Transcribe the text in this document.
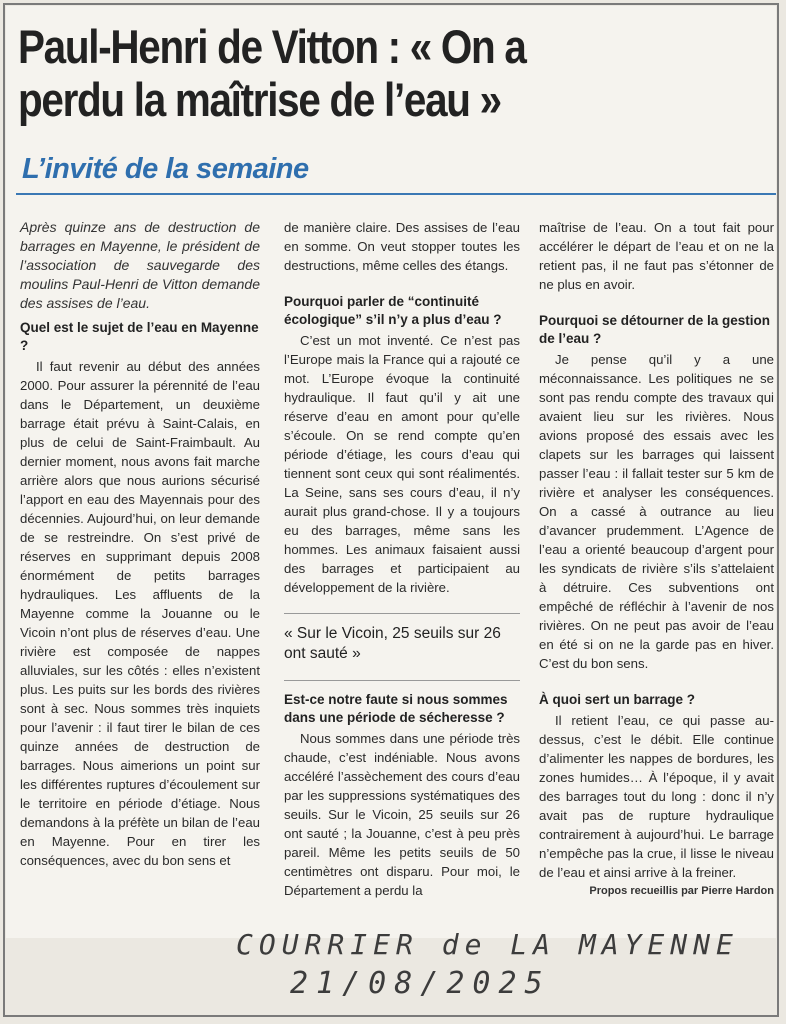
Paul-Henri de Vitton : « On a
perdu la maîtrise de l’eau »
L’invité de la semaine

Après quinze ans de destruction de barrages en Mayenne, le président de l’association de sauvegarde des moulins Paul-Henri de Vitton demande des assises de l’eau.

Quel est le sujet de l’eau en Mayenne ?

Il faut revenir au début des années 2000. Pour assurer la pérennité de l’eau dans le Département, un deuxième barrage était prévu à Saint-Calais, en plus de celui de Saint-Fraimbault. Au dernier moment, nous avons fait marche arrière alors que nous aurions sécurisé l’apport en eau des Mayennais pour des décennies. Aujourd’hui, on leur demande de se restreindre. On s’est privé de réserves en supprimant depuis 2008 énormément de petits barrages hydrauliques. Les affluents de la Mayenne comme la Jouanne ou le Vicoin n’ont plus de réserves d’eau. Une rivière est composée de nappes alluviales, sur les côtés : elles n’existent plus. Les puits sur les bords des rivières sont à sec. Nous sommes très inquiets pour l’avenir : il faut tirer le bilan de ces quinze années de destruction de barrages. Nous aimerions un point sur les différentes ruptures d’écoulement sur le territoire en période d’étiage. Nous demandons à la préfète un bilan de l’eau en Mayenne. Pour en tirer les conséquences, avec du bon sens et

de manière claire. Des assises de l’eau en somme. On veut stopper toutes les destructions, même celles des étangs.

Pourquoi parler de “continuité écologique” s’il n’y a plus d’eau ?

C’est un mot inventé. Ce n’est pas l’Europe mais la France qui a rajouté ce mot. L’Europe évoque la continuité hydraulique. Il faut qu’il y ait une réserve d’eau en amont pour qu’elle s’écoule. On se rend compte qu’en période d’étiage, les cours d’eau qui tiennent sont ceux qui sont réalimentés. La Seine, sans ses cours d’eau, il n’y aurait plus grand-chose. Il y a toujours eu des barrages, même sans les hommes. Les animaux faisaient aussi des barrages et participaient au développement de la rivière.

« Sur le Vicoin, 25 seuils sur 26 ont sauté »
Est-ce notre faute si nous sommes dans une période de sécheresse ?

Nous sommes dans une période très chaude, c’est indéniable. Nous avons accéléré l’assèchement des cours d’eau par les suppressions systématiques des seuils. Sur le Vicoin, 25 seuils sur 26 ont sauté ; la Jouanne, c’est à peu près pareil. Même les petits seuils de 50 centimètres ont disparu. Pour moi, le Département a perdu la

maîtrise de l’eau. On a tout fait pour accélérer le départ de l’eau et on ne la retient pas, il ne faut pas s’étonner de ne plus en avoir.

Pourquoi se détourner de la gestion de l’eau ?

Je pense qu’il y a une méconnaissance. Les politiques ne se sont pas rendu compte des travaux qui avaient lieu sur les rivières. Nous avions proposé des essais avec les clapets sur les barrages qui laissent passer l’eau : il fallait tester sur 5 km de rivière et analyser les conséquences. On a cassé à outrance au lieu d’avancer prudemment. L’Agence de l’eau a orienté beaucoup d’argent pour les syndicats de rivière s’ils s’attelaient à détruire. Ces subventions ont empêché de réfléchir à l’avenir de nos rivières. On ne peut pas avoir de l’eau en été si on ne la garde pas en hiver. C’est du bon sens.

À quoi sert un barrage ?

Il retient l’eau, ce qui passe au-dessus, c’est le débit. Elle continue d’alimenter les nappes de bordures, les zones humides… À l’époque, il y avait des barrages tout du long : donc il n’y avait pas de rupture hydraulique contrairement à aujourd’hui. Le barrage n’empêche pas la crue, il lisse le niveau de l’eau et ainsi arrive à la freiner.

Propos recueillis par Pierre Hardon

COURRIER de LA MAYENNE

21/08/2025
